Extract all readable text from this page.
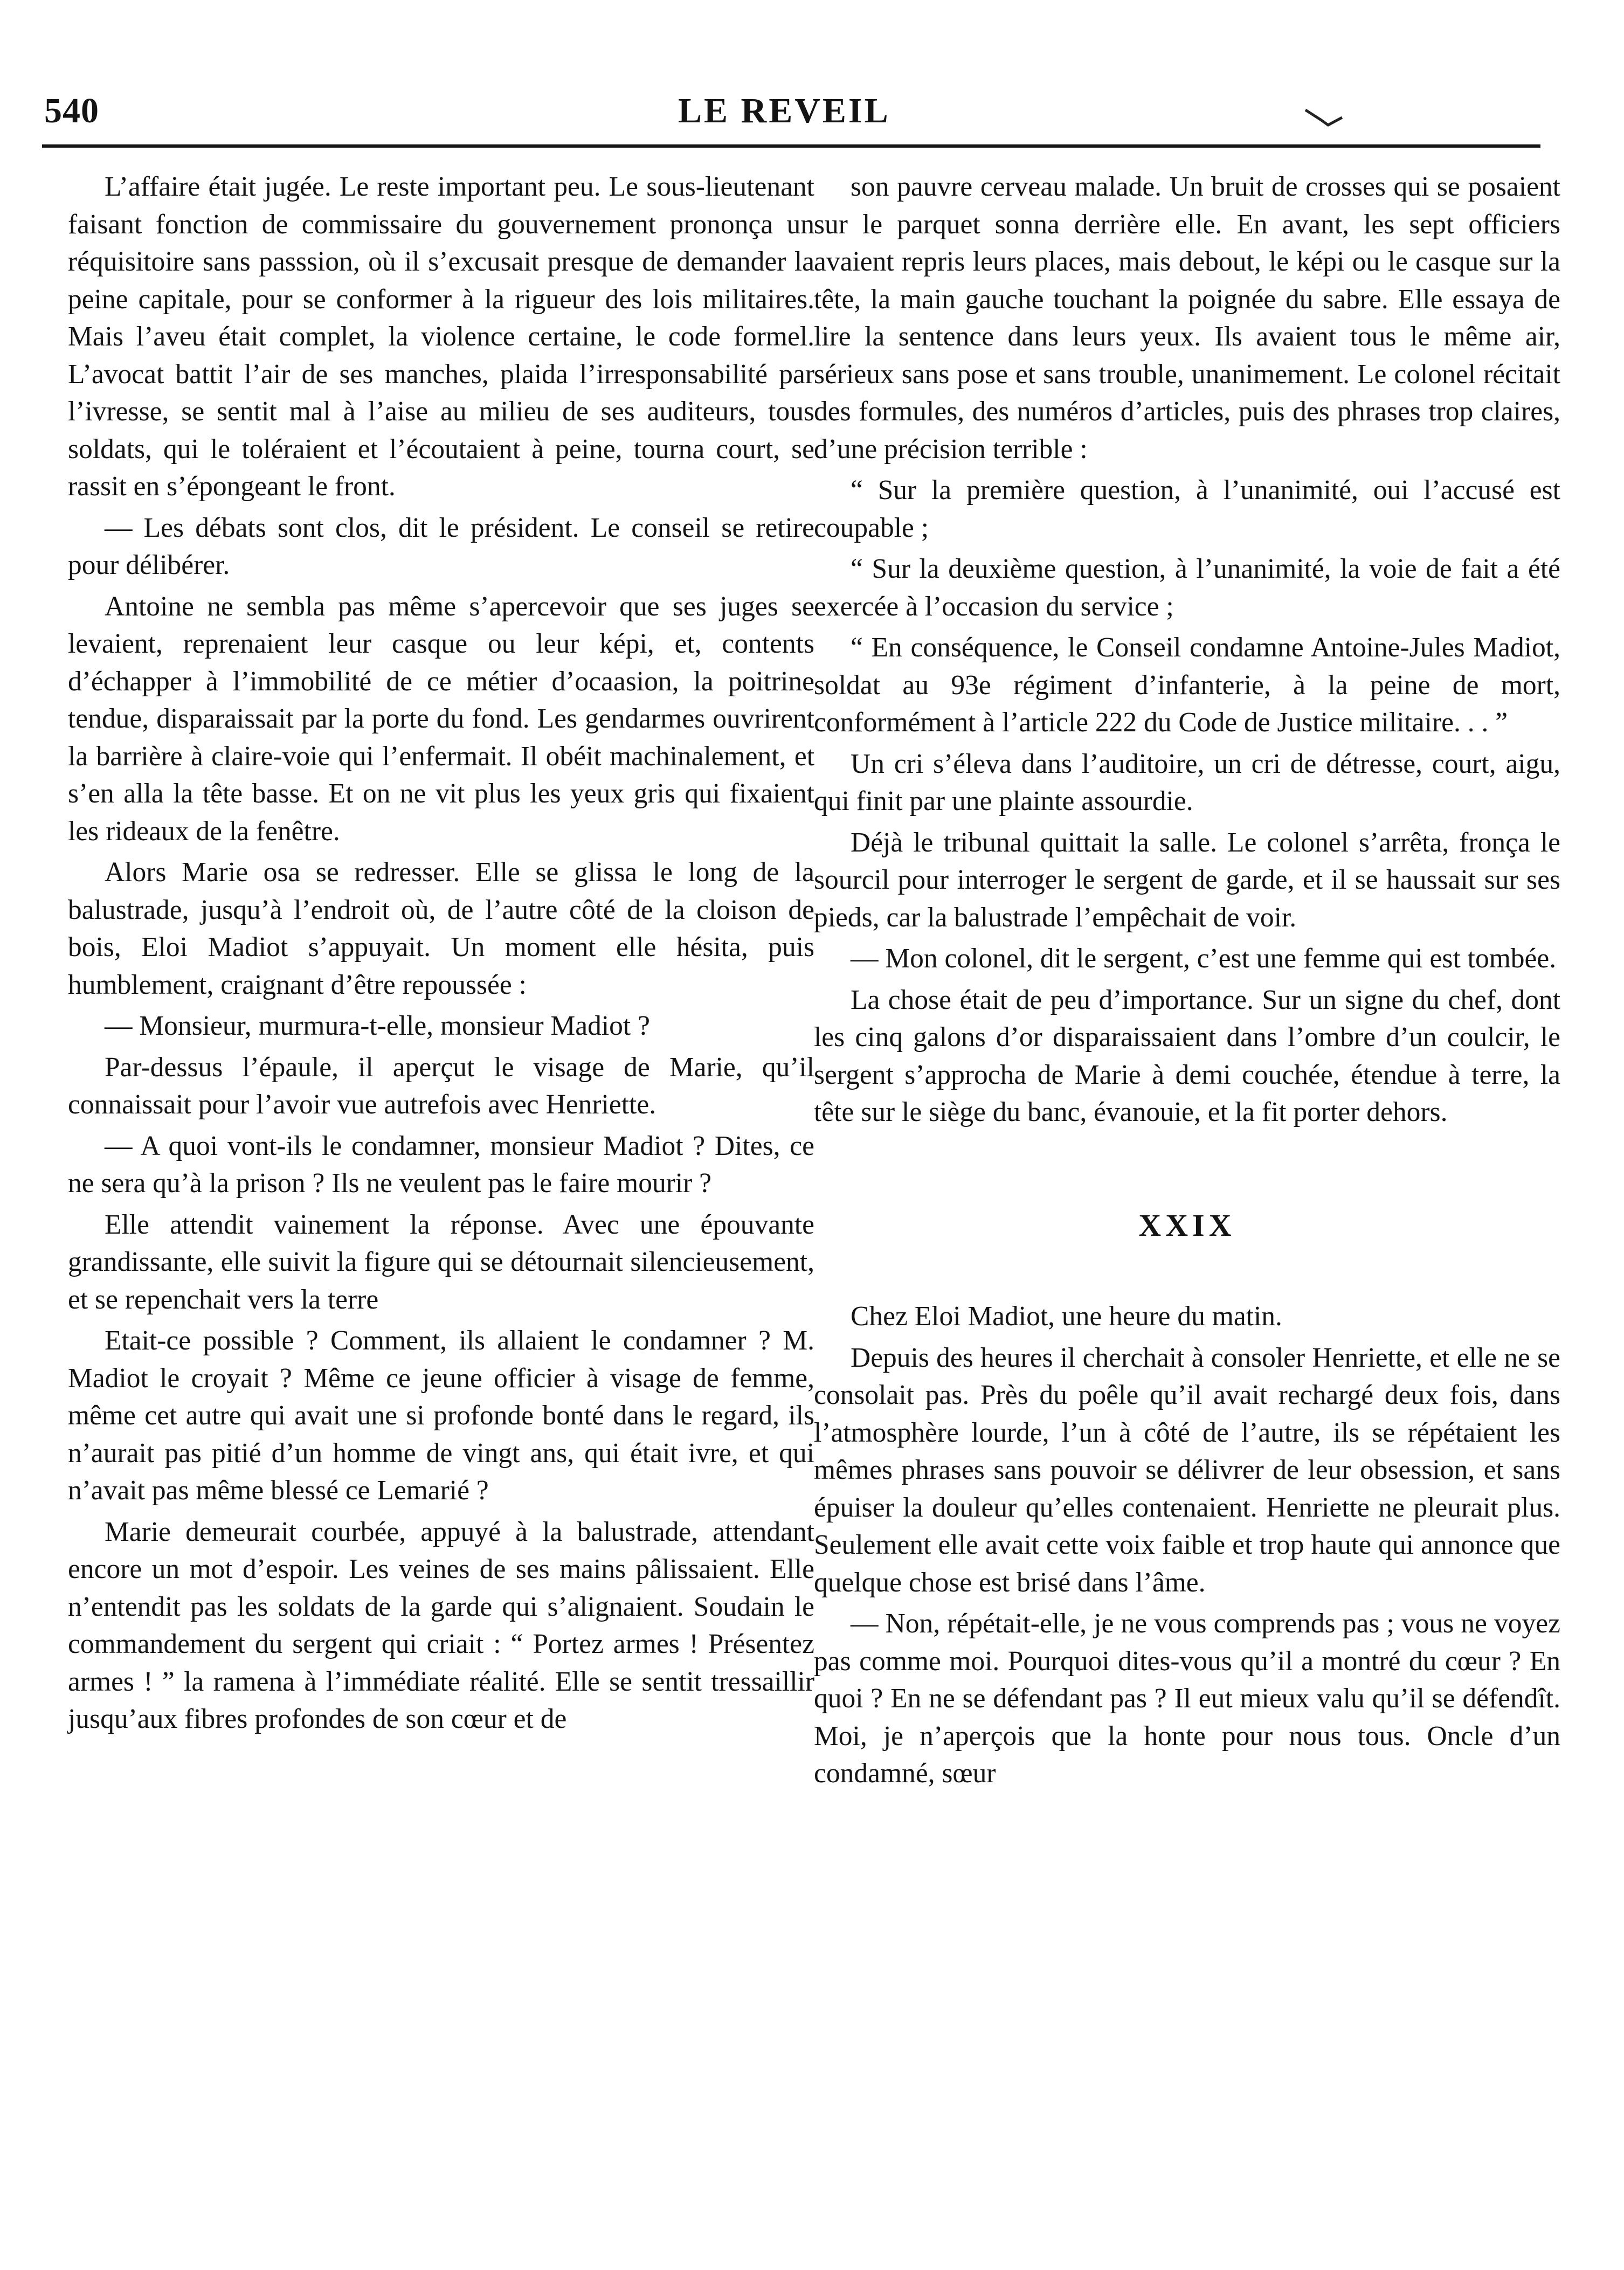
540	LE REVEIL

L’affaire était jugée. Le reste important peu. Le sous-lieutenant faisant fonction de commissaire du gouvernement prononça un réquisitoire sans passsion, où il s’excusait presque de demander la peine capitale, pour se conformer à la rigueur des lois militaires. Mais l’aveu était complet, la violence certaine, le code formel. L’avocat battit l’air de ses manches, plaida l’irresponsabilité par l’ivresse, se sentit mal à l’aise au milieu de ses auditeurs, tous soldats, qui le toléraient et l’écoutaient à peine, tourna court, se rassit en s’épongeant le front.

— Les débats sont clos, dit le président. Le conseil se retire pour délibérer.

Antoine ne sembla pas même s’apercevoir que ses juges se levaient, reprenaient leur casque ou leur képi, et, contents d’échapper à l’immobilité de ce métier d’ocaasion, la poitrine tendue, disparaissait par la porte du fond. Les gendarmes ouvrirent la barrière à claire-voie qui l’enfermait. Il obéit machinalement, et s’en alla la tête basse. Et on ne vit plus les yeux gris qui fixaient les rideaux de la fenêtre.

Alors Marie osa se redresser. Elle se glissa le long de la balustrade, jusqu’à l’endroit où, de l’autre côté de la cloison de bois, Eloi Madiot s’appuyait. Un moment elle hésita, puis humblement, craignant d’être repoussée :

— Monsieur, murmura-t-elle, monsieur Madiot ?

Par-dessus l’épaule, il aperçut le visage de Marie, qu’il connaissait pour l’avoir vue autrefois avec Henriette.

— A quoi vont-ils le condamner, monsieur Madiot ? Dites, ce ne sera qu’à la prison ? Ils ne veulent pas le faire mourir ?

Elle attendit vainement la réponse. Avec une épouvante grandissante, elle suivit la figure qui se détournait silencieusement, et se repenchait vers la terre

Etait-ce possible ? Comment, ils allaient le condamner ? M. Madiot le croyait ? Même ce jeune officier à visage de femme, même cet autre qui avait une si profonde bonté dans le regard, ils n’aurait pas pitié d’un homme de vingt ans, qui était ivre, et qui n’avait pas même blessé ce Lemarié ?

Marie demeurait courbée, appuyé à la balustrade, attendant encore un mot d’espoir. Les veines de ses mains pâlissaient. Elle n’entendit pas les soldats de la garde qui s’alignaient. Soudain le commandement du sergent qui criait : “ Portez armes ! Présentez armes ! ” la ramena à l’immédiate réalité. Elle se sentit tressaillir jusqu’aux fibres profondes de son cœur et de

son pauvre cerveau malade. Un bruit de crosses qui se posaient sur le parquet sonna derrière elle. En avant, les sept officiers avaient repris leurs places, mais debout, le képi ou le casque sur la tête, la main gauche touchant la poignée du sabre. Elle essaya de lire la sentence dans leurs yeux. Ils avaient tous le même air, sérieux sans pose et sans trouble, unanimement. Le colonel récitait des formules, des numéros d’articles, puis des phrases trop claires, d’une précision terrible :

“ Sur la première question, à l’unanimité, oui l’accusé est coupable ;

“ Sur la deuxième question, à l’unanimité, la voie de fait a été exercée à l’occasion du service ;

“ En conséquence, le Conseil condamne Antoine-Jules Madiot, soldat au 93e régiment d’infanterie, à la peine de mort, conformément à l’article 222 du Code de Justice militaire. . . ”

Un cri s’éleva dans l’auditoire, un cri de détresse, court, aigu, qui finit par une plainte assourdie.

Déjà le tribunal quittait la salle. Le colonel s’arrêta, fronça le sourcil pour interroger le sergent de garde, et il se haussait sur ses pieds, car la balustrade l’empêchait de voir.

— Mon colonel, dit le sergent, c’est une femme qui est tombée.

La chose était de peu d’importance. Sur un signe du chef, dont les cinq galons d’or disparaissaient dans l’ombre d’un coulcir, le sergent s’approcha de Marie à demi couchée, étendue à terre, la tête sur le siège du banc, évanouie, et la fit porter dehors.

XXIX

Chez Eloi Madiot, une heure du matin.

Depuis des heures il cherchait à consoler Henriette, et elle ne se consolait pas. Près du poêle qu’il avait rechargé deux fois, dans l’atmosphère lourde, l’un à côté de l’autre, ils se répétaient les mêmes phrases sans pouvoir se délivrer de leur obsession, et sans épuiser la douleur qu’elles contenaient. Henriette ne pleurait plus. Seulement elle avait cette voix faible et trop haute qui annonce que quelque chose est brisé dans l’âme.

— Non, répétait-elle, je ne vous comprends pas ; vous ne voyez pas comme moi. Pourquoi dites-vous qu’il a montré du cœur ? En quoi ? En ne se défendant pas ? Il eut mieux valu qu’il se défendît. Moi, je n’aperçois que la honte pour nous tous. Oncle d’un condamné, sœur
